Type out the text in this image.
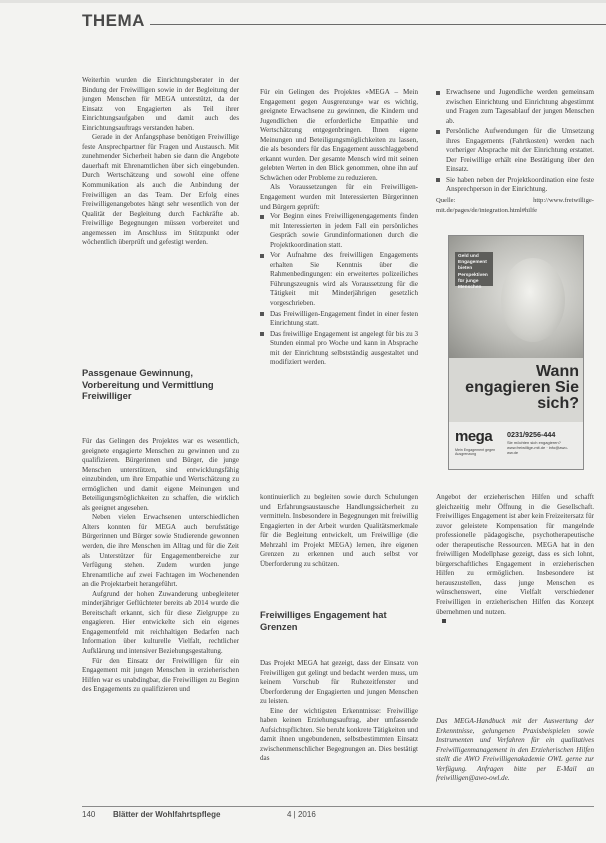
THEMA

Weiterhin wurden die Einrichtungsberater in der Bindung der Freiwilligen sowie in der Begleitung der jungen Menschen für MEGA unterstützt, da der Einsatz von Engagierten als Teil ihrer Einrichtungsaufgaben und damit auch des Einrichtungsauftrags verstanden haben.

Gerade in der Anfangsphase benötigen Freiwillige feste Ansprechpartner für Fragen und Austausch. Mit zunehmender Sicherheit haben sie dann die Angebote dauerhaft mit Ehrenamtlichen über sich eingebunden. Durch Wertschätzung und sowohl eine offene Kommunikation als auch die Anbindung der Freiwilligen an das Team. Der Erfolg eines Freiwilligenangebotes hängt sehr wesentlich von der Qualität der Begleitung durch Fachkräfte ab. Freiwillige Begegnungen müssen vorbereitet und angemessen im Anschluss im Stützpunkt oder wöchentlich überprüft und gefestigt werden.

Passgenaue Gewinnung, Vorbereitung und Vermittlung Freiwilliger

Für das Gelingen des Projektes war es wesentlich, geeignete engagierte Menschen zu gewinnen und zu qualifizieren. Bürgerinnen und Bürger, die junge Menschen unterstützen, sind entwicklungsfähig einzubinden, um ihre Empathie und Wertschätzung zu ermöglichen und damit eigene Meinungen und Beteiligungsmöglichkeiten zu schaffen, die wirklich als geeignet angesehen.

Neben vielen Erwachsenen unterschiedlichen Alters konnten für MEGA auch berufstätige Bürgerinnen und Bürger sowie Studierende gewonnen werden, die ihre Menschen im Alltag und für die Zeit als Unterstützer für Engagementbereiche zur Verfügung stehen. Zudem wurden junge Ehrenamtliche auf zwei Fachtagen im Wochenenden an die Projektarbeit herangeführt.

Aufgrund der hohen Zuwanderung unbegleiteter minderjähriger Geflüchteter bereits ab 2014 wurde die Bereitschaft erkannt, sich für diese Zielgruppe zu engagieren. Hier entwickelte sich ein eigenes Engagementfeld mit reichhaltigen Bedarfen nach Information über kulturelle Vielfalt, rechtlicher Aufklärung und intensiver Beziehungsgestaltung.

Für den Einsatz der Freiwilligen für ein Engagement mit jungen Menschen in erzieherischen Hilfen war es unabdingbar, die Freiwilligen zu Beginn des Engagements zu qualifizieren und

Für ein Gelingen des Projektes »MEGA – Mein Engagement gegen Ausgrenzung« war es wichtig, geeignete Erwachsene zu gewinnen, die Kindern und Jugendlichen die erforderliche Empathie und Wertschätzung entgegenbringen. Ihnen eigene Meinungen und Beteiligungsmöglichkeiten zu lassen, die als besonders für das Engagement ausschlaggebend erkannt wurden. Der gesamte Mensch wird mit seinen gelebten Werten in den Blick genommen, ohne ihn auf Schwächen oder Probleme zu reduzieren.

Als Voraussetzungen für ein Freiwilligen-Engagement wurden mit Interessierten Bürgerinnen und Bürgern geprüft:

Vor Beginn eines Freiwilligenengagements finden mit Interessierten in jedem Fall ein persönliches Gespräch sowie Grundinformationen durch die Projektkoordination statt.
Vor Aufnahme des freiwilligen Engagements erhalten Sie Kenntnis über die Rahmenbedingungen: ein erweitertes polizeiliches Führungszeugnis wird als Voraussetzung für die Tätigkeit mit Minderjährigen gesetzlich vorgeschrieben.
Das Freiwilligen-Engagement findet in einer festen Einrichtung statt.
Das freiwillige Engagement ist angelegt für bis zu 3 Stunden einmal pro Woche und kann in Absprache mit der Einrichtung selbstständig ausgestaltet und modifiziert werden.

kontinuierlich zu begleiten sowie durch Schulungen und Erfahrungsaustausche Handlungssicherheit zu vermitteln. Insbesondere in Begegnungen mit freiwillig Engagierten in der Arbeit wurden Qualitätsmerkmale für die Begleitung entwickelt, um Freiwillige (die Mehrzahl im Projekt MEGA) lernen, ihre eigenen Grenzen zu erkennen und auch selbst vor Überforderung zu schützen.

Freiwilliges Engagement hat Grenzen

Das Projekt MEGA hat gezeigt, dass der Einsatz von Freiwilligen gut gelingt und bedacht werden muss, um keinem Vorschub für Ruhezeitfenster und Überforderung der Engagierten und jungen Menschen zu leisten.

Eine der wichtigsten Erkenntnisse: Freiwillige haben keinen Erziehungsauftrag, aber umfassende Aufsichtspflichten. Sie beruht konkrete Tätigkeiten und damit ihnen ungebundenen, selbstbestimmten Einsatz zwischenmenschlicher Begegnungen an. Dies bestätigt das

Erwachsene und Jugendliche werden gemeinsam zwischen Einrichtung und Einrichtung abgestimmt und Fragen zum Tagesablauf der jungen Menschen ab.
Persönliche Aufwendungen für die Umsetzung ihres Engagements (Fahrtkosten) werden nach vorheriger Absprache mit der Einrichtung erstattet. Der Freiwillige erhält eine Bestätigung über den Einsatz.
Sie haben neben der Projektkoordination eine feste Ansprechperson in der Einrichtung.

Quelle: http://www.freiwillige-mit.de/pages/de/integration.html#hilfe

Geld und Engagement bieten Perspektiven für junge Menschen
Wann engagieren Sie sich?
mega
Mein Engagement gegen Ausgrenzung
0231/9256-444
Sie möchten sich engagieren? www.freiwillige-mit.de · info@awo-ww.de

Angebot der erzieherischen Hilfen und schafft gleichzeitig mehr Öffnung in die Gesellschaft. Freiwilliges Engagement ist aber kein Freizeitersatz für zuvor geleistete Kompensation für mangelnde professionelle pädagogische, psychotherapeutische oder therapeutische Ressourcen. MEGA hat in den freiwilligen Modellphase gezeigt, dass es sich lohnt, bürgerschaftliches Engagement in erzieherischen Hilfen zu ermöglichen. Insbesondere ist herauszustellen, dass junge Menschen es wünschenswert, eine Vielfalt verschiedener Freiwilligen in erzieherischen Hilfen das Konzept übernehmen und nutzen.

Das MEGA-Handbuck mit der Auswertung der Erkenntnisse, gelungenen Praxisbeispielen sowie Instrumenten und Verfahren für ein qualitatives Freiwilligenmanagement in den Erzieherischen Hilfen stellt die AWO Freiwilligenakademie OWL gerne zur Verfügung. Anfragen bitte per E-Mail an freiwilligen@awo-owl.de.

140 Blätter der Wohlfahrtspflege	4 | 2016
